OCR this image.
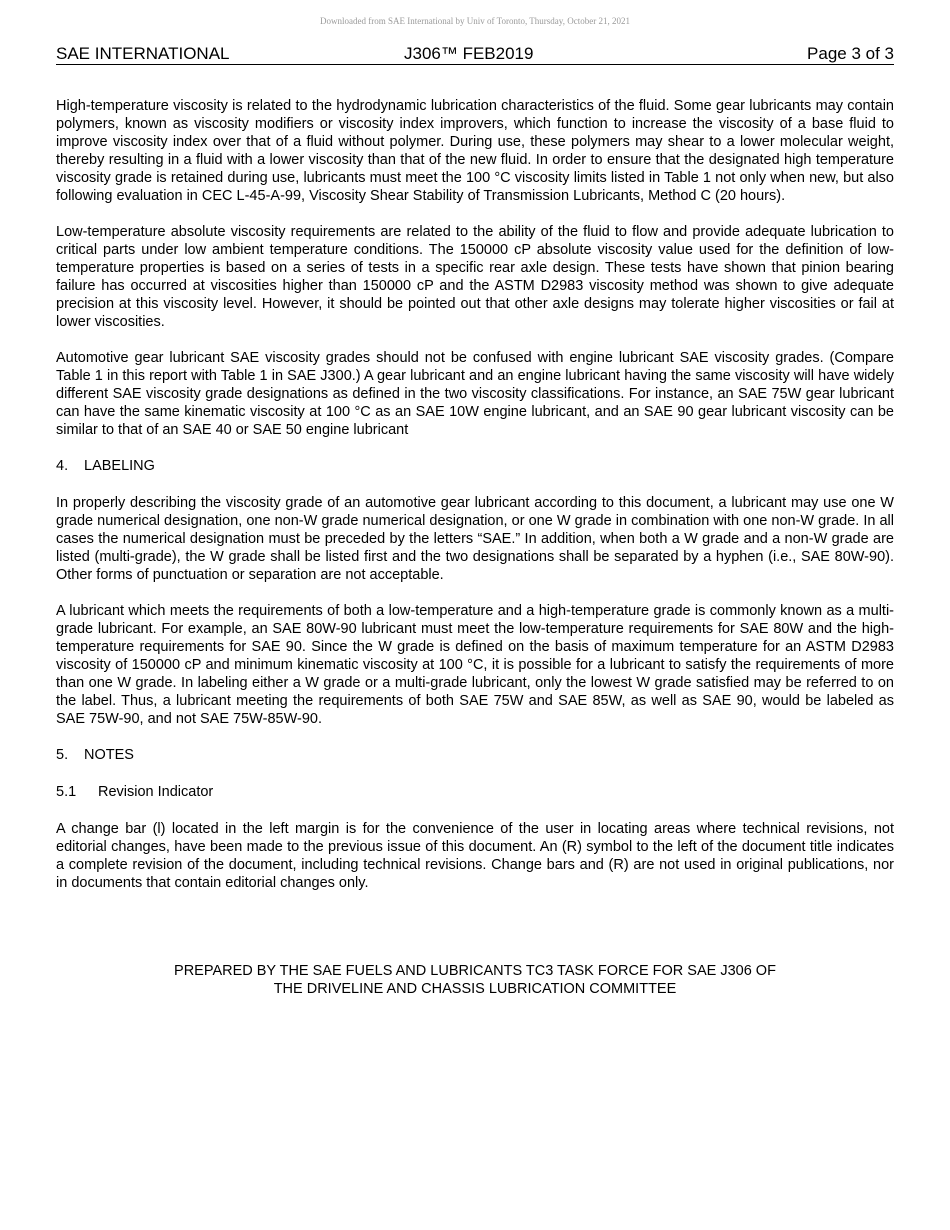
Downloaded from SAE International by Univ of Toronto, Thursday, October 21, 2021
SAE INTERNATIONAL	J306™ FEB2019	Page 3 of 3

High-temperature viscosity is related to the hydrodynamic lubrication characteristics of the fluid. Some gear lubricants may contain polymers, known as viscosity modifiers or viscosity index improvers, which function to increase the viscosity of a base fluid to improve viscosity index over that of a fluid without polymer. During use, these polymers may shear to a lower molecular weight, thereby resulting in a fluid with a lower viscosity than that of the new fluid. In order to ensure that the designated high temperature viscosity grade is retained during use, lubricants must meet the 100 °C viscosity limits listed in Table 1 not only when new, but also following evaluation in CEC L-45-A-99, Viscosity Shear Stability of Transmission Lubricants, Method C (20 hours).

Low-temperature absolute viscosity requirements are related to the ability of the fluid to flow and provide adequate lubrication to critical parts under low ambient temperature conditions. The 150000 cP absolute viscosity value used for the definition of low-temperature properties is based on a series of tests in a specific rear axle design. These tests have shown that pinion bearing failure has occurred at viscosities higher than 150000 cP and the ASTM D2983 viscosity method was shown to give adequate precision at this viscosity level. However, it should be pointed out that other axle designs may tolerate higher viscosities or fail at lower viscosities.

Automotive gear lubricant SAE viscosity grades should not be confused with engine lubricant SAE viscosity grades. (Compare Table 1 in this report with Table 1 in SAE J300.) A gear lubricant and an engine lubricant having the same viscosity will have widely different SAE viscosity grade designations as defined in the two viscosity classifications. For instance, an SAE 75W gear lubricant can have the same kinematic viscosity at 100 °C as an SAE 10W engine lubricant, and an SAE 90 gear lubricant viscosity can be similar to that of an SAE 40 or SAE 50 engine lubricant

4. LABELING

In properly describing the viscosity grade of an automotive gear lubricant according to this document, a lubricant may use one W grade numerical designation, one non-W grade numerical designation, or one W grade in combination with one non-W grade. In all cases the numerical designation must be preceded by the letters “SAE.” In addition, when both a W grade and a non-W grade are listed (multi-grade), the W grade shall be listed first and the two designations shall be separated by a hyphen (i.e., SAE 80W-90). Other forms of punctuation or separation are not acceptable.

A lubricant which meets the requirements of both a low-temperature and a high-temperature grade is commonly known as a multi-grade lubricant. For example, an SAE 80W-90 lubricant must meet the low-temperature requirements for SAE 80W and the high-temperature requirements for SAE 90. Since the W grade is defined on the basis of maximum temperature for an ASTM D2983 viscosity of 150000 cP and minimum kinematic viscosity at 100 °C, it is possible for a lubricant to satisfy the requirements of more than one W grade. In labeling either a W grade or a multi-grade lubricant, only the lowest W grade satisfied may be referred to on the label. Thus, a lubricant meeting the requirements of both SAE 75W and SAE 85W, as well as SAE 90, would be labeled as SAE 75W-90, and not SAE 75W-85W-90.

5. NOTES
5.1 Revision Indicator

A change bar (l) located in the left margin is for the convenience of the user in locating areas where technical revisions, not editorial changes, have been made to the previous issue of this document. An (R) symbol to the left of the document title indicates a complete revision of the document, including technical revisions. Change bars and (R) are not used in original publications, nor in documents that contain editorial changes only.

PREPARED BY THE SAE FUELS AND LUBRICANTS TC3 TASK FORCE FOR SAE J306 OF
THE DRIVELINE AND CHASSIS LUBRICATION COMMITTEE
